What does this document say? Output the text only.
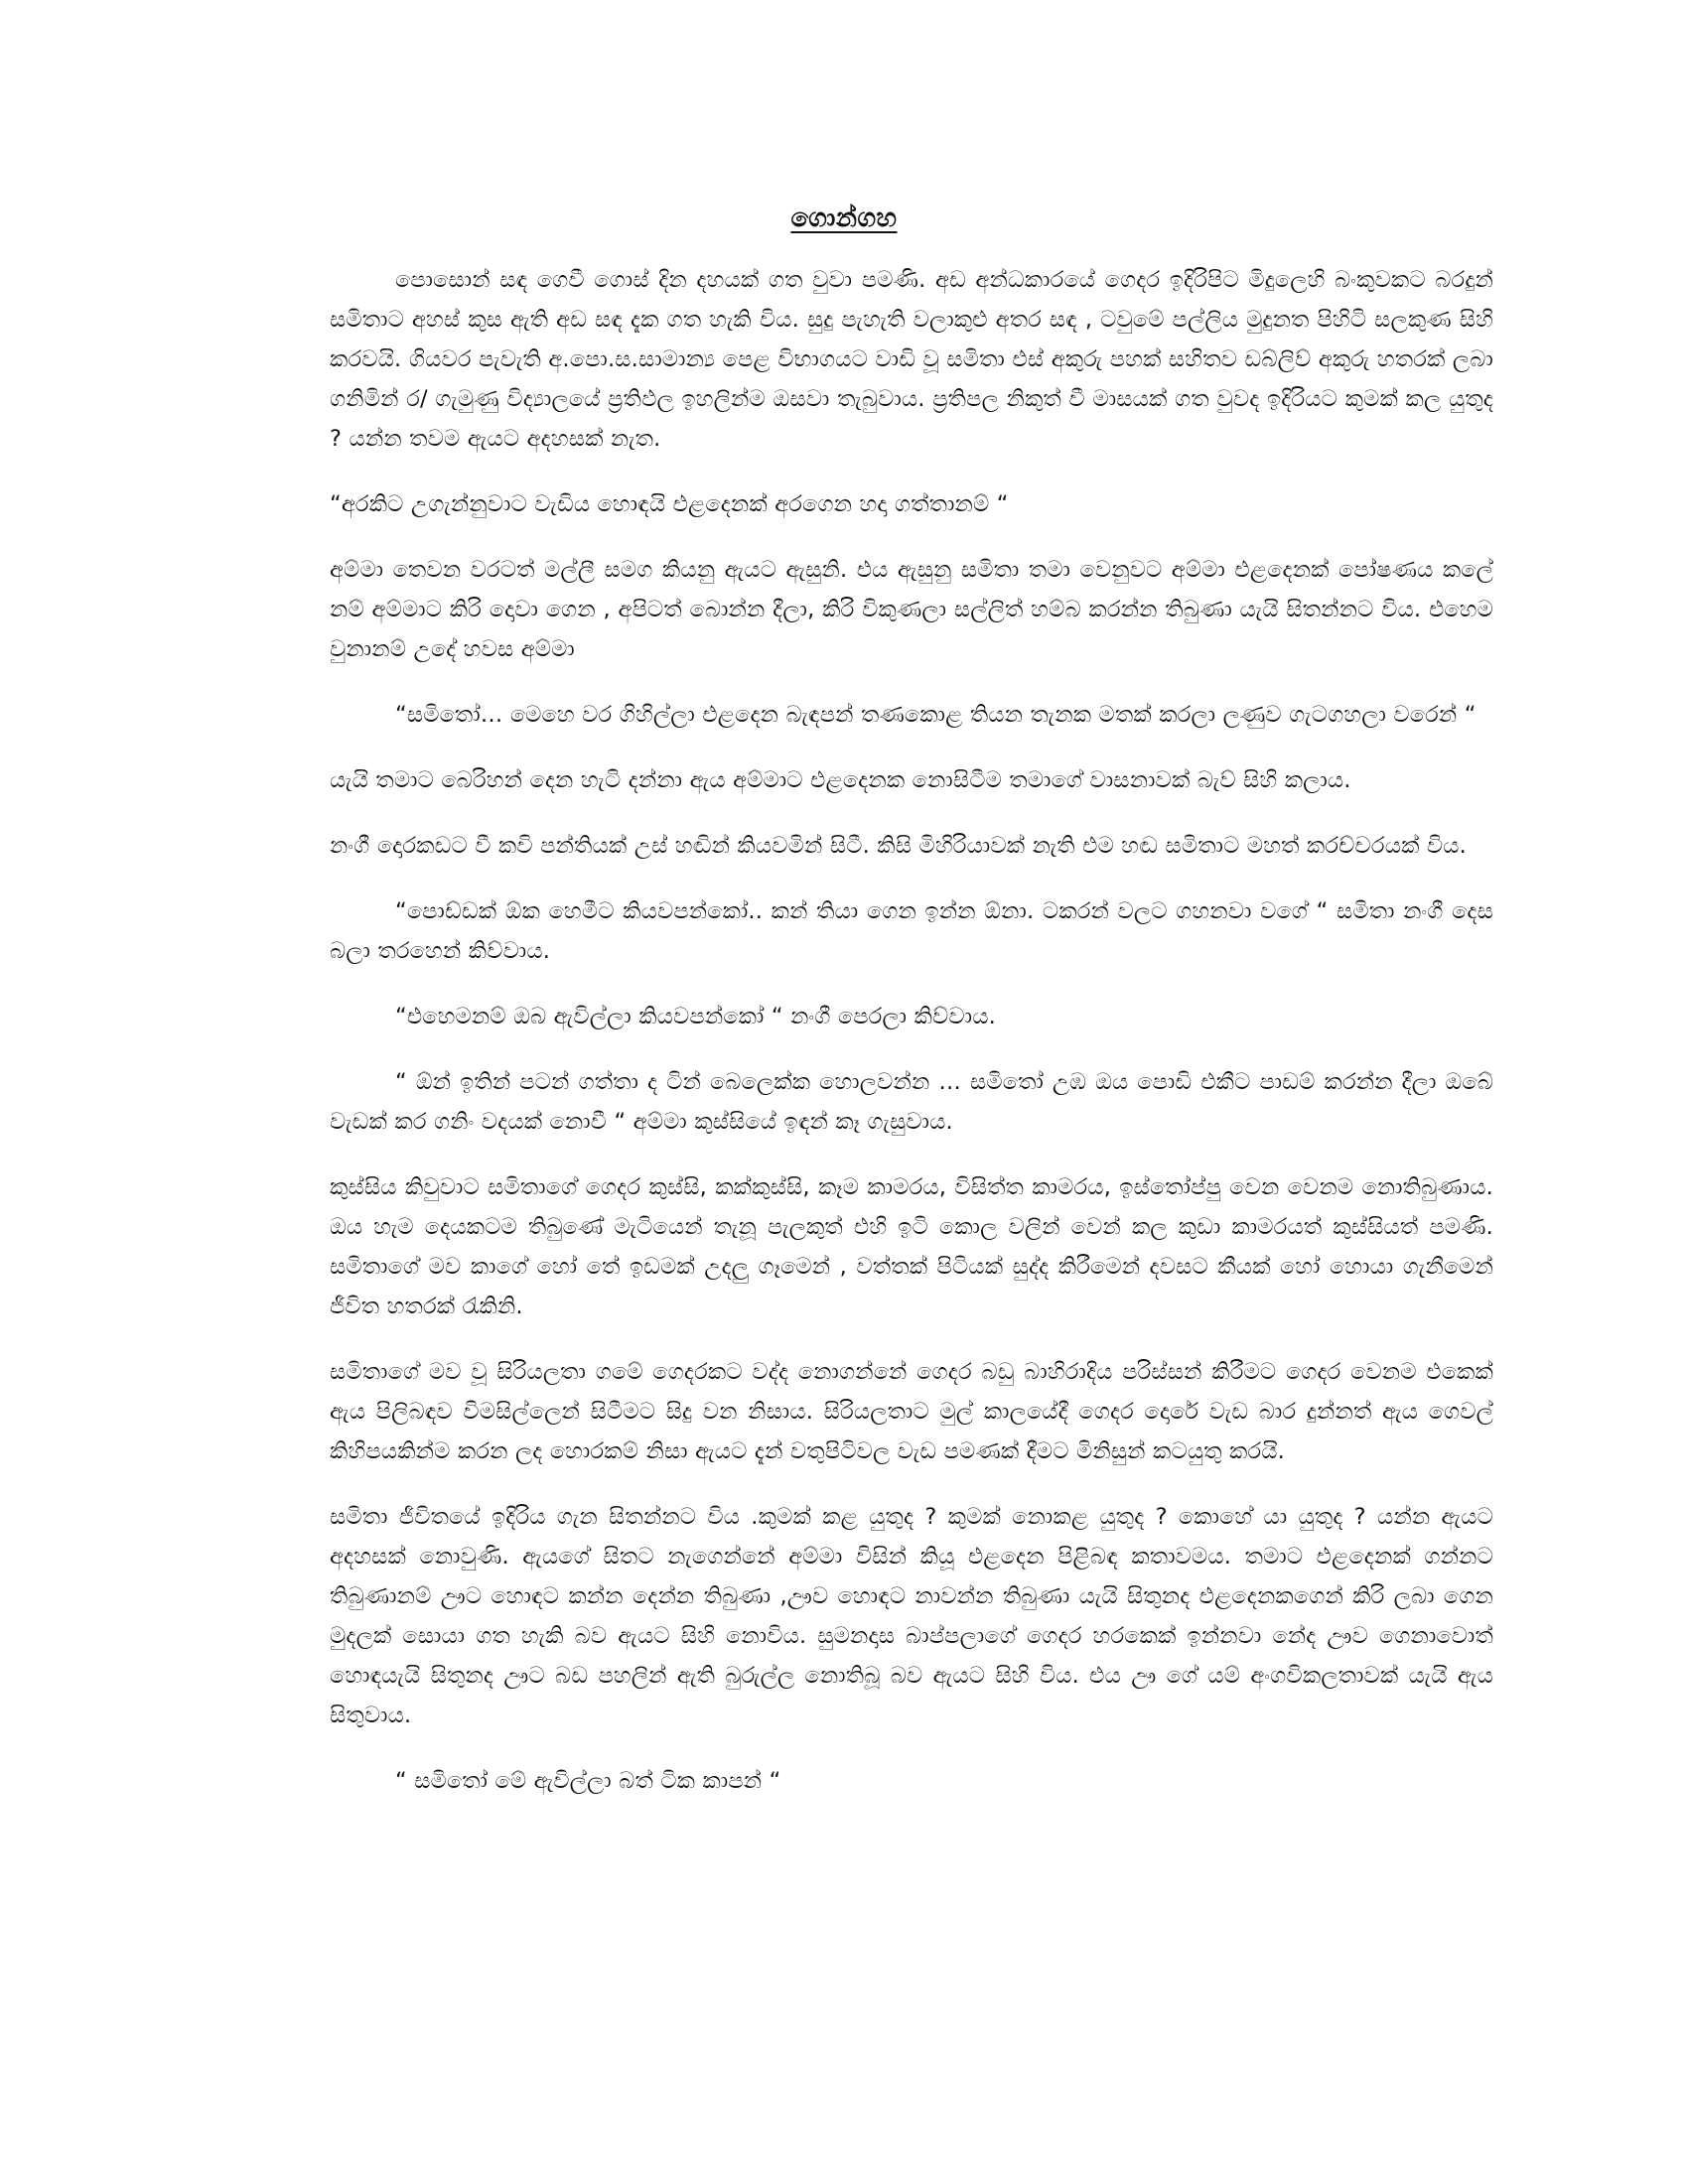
ගොන්ගහ

පොසොන් සඳ ගෙවී ගොස් දින දහයක් ගත වුවා පමණි. අඩ අන්ධකාරයේ ගෙදර ඉදිරිපිට මිදුලෙහි බංකුවකට බරදුන් සමිතාට අහස් කුස ඇති අඩ සඳ දැක ගත හැකි විය. සුදු පැහැති වලාකුළු අතර සඳ , ටවුමේ පල්ලිය මුදුනත පිහිටි සලකුණ සිහි කරවයි. ගියවර පැවැති අ.පො.ස.සාමාන්‍ය පෙළ විභාගයට වාඩි වූ සමිතා එස් අකුරු පහක් සහිතව ඩබ්ලිව් අකුරු හතරක් ලබා ගනිමින් ර/ ගැමුණු විද්‍යාලයේ ප්‍රතිඵල ඉහලින්ම ඔසවා තැබුවාය. ප්‍රතිපල නිකුත් වී මාසයක් ගත වුවද ඉදිරියට කුමක් කල යුතුද ? යන්න තවම ඇයට අදහසක් නැත.

“අරකිට උගැන්නුවාට වැඩිය හොඳයි එළදෙනක් අරගෙන හදා ගත්තානම් “

අම්මා තෙවන වරටත් මල්ලී සමග කියනු ඇයට ඇසුනි. එය ඇසුනු සමිතා තමා වෙනුවට අම්මා එළදෙනක් පෝෂණය කලේ නම් අම්මාට කිරි දොවා ගෙන , අපිටත් බොන්න දීලා, කිරි විකුණලා සල්ලිත් හම්බ කරන්න තිබුණා යැයි සිතන්නට විය. එහෙම වුනානම් උදේ හවස අම්මා

“සමිතෝ… මෙහෙ වර ගිහිල්ලා එළදෙන බැඳපන් තණකොළ තියන තැනක මතක් කරලා ලණුව ගැටගහලා වරෙන් “

යැයි තමාට බෙරිහන් දෙන හැටි දන්නා ඇය අම්මාට එළදෙනක නොසිටීම තමාගේ වාසනාවක් බැව් සිහි කලාය.

නංගී දොරකඩට වී කවි පන්තියක් උස් හඬින් කියවමින් සිටී. කිසි මිහිරියාවක් නැති එම හඬ සමිතාට මහත් කරච්චරයක් විය.

“පොඩ්ඩක් ඕක හෙමීට කියවපන්කෝ.. කන් තියා ගෙන ඉන්න ඕනා. ටකරන් වලට ගහනවා වගේ “ සමිතා නංගී දෙස බලා තරහෙන් කිව්වාය.

“එහෙමනම් ඔබ ඇවිල්ලා කියවපන්කෝ “ නංගී පෙරලා කිව්වාය.

“ ඕන් ඉතින් පටන් ගත්තා ද ටින් බෙලෙක්ක හොලවන්න … සමිතෝ උඹ ඔය පොඩි එකීට පාඩම් කරන්න දීලා ඔබේ වැඩක් කර ගනිං වදයක් නොවී “ අම්මා කුස්සියේ ඉඳන් කෑ ගැසුවාය.

කුස්සිය කිවුවාට සමිතාගේ ගෙදර කුස්සි, කක්කුස්සි, කෑම කාමරය, විසිත්ත කාමරය, ඉස්තෝප්පු වෙන වෙනම නොතිබුණාය. ඔය හැම දෙයකටම තිබුණේ මැටියෙන් තැනූ පැලකුත් එහි ඉටි කොල වලින් වෙන් කල කුඩා කාමරයත් කුස්සියත් පමණි. සමිතාගේ මව කාගේ හෝ තේ ඉඩමක් උදලු ගෑමෙන් , වත්තක් පිටියක් සුද්ද කිරීමෙන් දවසට කීයක් හෝ හොයා ගැනීමෙන් ජීවිත හතරක් රැකිනි.

සමිතාගේ මව වූ සිරියලතා ගමේ ගෙදරකට වද්ද නොගන්නේ ගෙදර බඩු බාහිරාදිය පරිස්සන් කිරීමට ගෙදර වෙනම එකෙක් ඇය පිලිබඳව විමසිල්ලෙන් සිටීමට සිදු වන නිසාය. සිරියලතාට මුල් කාලයේදී ගෙදර දොරේ වැඩ බාර දුන්නත් ඇය ගෙවල් කිහිපයකින්ම කරන ලද හොරකම් නිසා ඇයට දැන් වතුපිටිවල වැඩ පමණක් දීමට මිනිසුන් කටයුතු කරයි.

සමිතා ජීවිතයේ ඉදිරිය ගැන සිතන්නට විය .කුමක් කළ යුතුද ? කුමක් නොකළ යුතුද ? කොහේ යා යුතුද ? යන්න ඇයට අදහසක් නොවුණි. ඇයගේ සිතට නැගෙන්නේ අම්මා විසින් කියූ එළදෙන පිළිබඳ කතාවමය. තමාට එළදෙනක් ගන්නට තිබුණානම් ඌට හොඳට කන්න දෙන්න තිබුණා ,ඌව හොඳට නාවන්න තිබුණා යැයි සිතුනද එළදෙනකගෙන් කිරි ලබා ගෙන මුදලක් සොයා ගත හැකි බව ඇයට සිහි නොවිය. සුමනදාස බාප්පලාගේ ගෙදර හරකෙක් ඉන්නවා නේද ඌව ගෙනාවොත් හොඳයැයි සිතුනද ඌට බඩ පහලින් ඇති බුරුල්ල නොතිබූ බව ඇයට සිහි විය. එය ඌ ගේ යම් අංගවිකලතාවක් යැයි ඇය සිතුවාය.

“ සමිතෝ මේ ඇවිල්ලා බත් ටික කාපන් “
